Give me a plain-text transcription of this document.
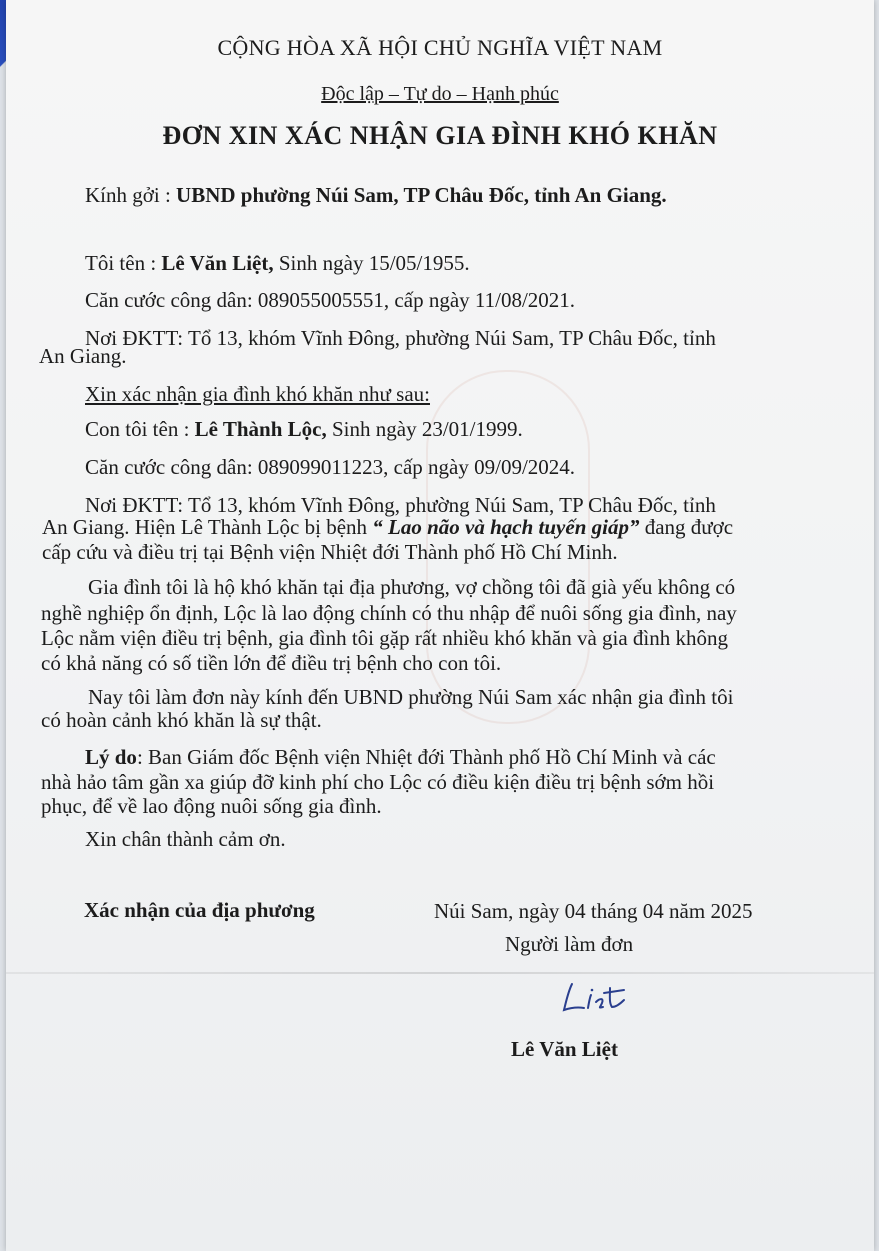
CỘNG HÒA XÃ HỘI CHỦ NGHĨA VIỆT NAM
Độc lập – Tự do – Hạnh phúc
ĐƠN XIN XÁC NHẬN GIA ĐÌNH KHÓ KHĂN
Kính gởi : UBND phường Núi Sam, TP Châu Đốc, tỉnh An Giang.
Tôi tên : Lê Văn Liệt, Sinh ngày 15/05/1955.
Căn cước công dân: 089055005551, cấp ngày 11/08/2021.
Nơi ĐKTT: Tổ 13, khóm Vĩnh Đông, phường Núi Sam, TP Châu Đốc, tỉnh
An Giang.
Xin xác nhận gia đình khó khăn như sau:
Con tôi tên : Lê Thành Lộc, Sinh ngày 23/01/1999.
Căn cước công dân: 089099011223, cấp ngày 09/09/2024.
Nơi ĐKTT: Tổ 13, khóm Vĩnh Đông, phường Núi Sam, TP Châu Đốc, tỉnh
An Giang. Hiện Lê Thành Lộc bị bệnh “ Lao não và hạch tuyến giáp” đang được
cấp cứu và điều trị tại Bệnh viện Nhiệt đới Thành phố Hồ Chí Minh.
Gia đình tôi là hộ khó khăn tại địa phương, vợ chồng tôi đã già yếu không có
nghề nghiệp ổn định, Lộc là lao động chính có thu nhập để nuôi sống gia đình, nay
Lộc nằm viện điều trị bệnh, gia đình tôi gặp rất nhiều khó khăn và gia đình không
có khả năng có số tiền lớn để điều trị bệnh cho con tôi.
Nay tôi làm đơn này kính đến UBND phường Núi Sam xác nhận gia đình tôi
có hoàn cảnh khó khăn là sự thật.
Lý do: Ban Giám đốc Bệnh viện Nhiệt đới Thành phố Hồ Chí Minh và các
nhà hảo tâm gần xa giúp đỡ kinh phí cho Lộc có điều kiện điều trị bệnh sớm hồi
phục, để về lao động nuôi sống gia đình.
Xin chân thành cảm ơn.
Xác nhận của địa phương	Núi Sam, ngày 04 tháng 04 năm 2025
Người làm đơn
Lê Văn Liệt
